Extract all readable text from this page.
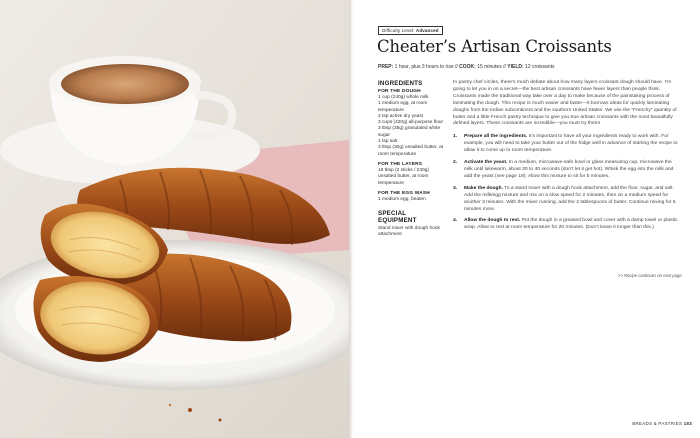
Difficulty Level: Advanced
Cheater’s Artisan Croissants
PREP: 1 hour, plus 3 hours to rise // COOK: 15 minutes // YIELD: 12 croissants
INGREDIENTS
FOR THE DOUGH

1 cup (240g) whole milk

1 medium egg, at room temperature

2 tsp active dry yeast

3 cups (420g) all-purpose flour

3 tbsp (35g) granulated white sugar

1 tsp salt

3 tbsp (30g) unsalted butter, at room temperature

FOR THE LAYERS

16 tbsp (2 sticks / 230g) unsalted butter, at room temperature

FOR THE EGG WASH

1 medium egg, beaten

SPECIAL EQUIPMENT

Stand mixer with dough hook attachment

In pastry chef circles, there’s much debate about how many layers croissant dough should have. I’m going to let you in on a secret—the best artisan croissants have fewer layers than people think. Croissants made the traditional way take over a day to make because of the painstaking process of laminating the dough. This recipe is much easier and faster—it borrows ideas for quickly laminating doughs from the Indian subcontinent and the southern United States. We use the “Frenchy” quantity of butter and a little French pastry technique to give you true artisan croissants with the most beautifully defined layers. These croissants are incredible—you must try them!

1. Prepare all the ingredients. It’s important to have all your ingredients ready to work with. For example, you will need to take your butter out of the fridge well in advance of starting the recipe to allow it to come up to room temperature.
2. Activate the yeast. In a medium, microwave-safe bowl or glass measuring cup, microwave the milk until lukewarm, about 30 to 40 seconds (don’t let it get hot). Whisk the egg into the milk and add the yeast (see page 18). Allow this mixture to sit for 5 minutes.
3. Make the dough. To a stand mixer with a dough hook attachment, add the flour, sugar, and salt. Add the milk/egg mixture and mix on a slow speed for 2 minutes, then on a medium speed for another 3 minutes. With the mixer running, add the 2 tablespoons of butter. Continue mixing for 5 minutes more.
4. Allow the dough to rest. Put the dough in a greased bowl and cover with a damp towel or plastic wrap. Allow to rest at room temperature for 20 minutes. (Don’t leave it longer than this.)
>> Recipe continues on next page.
BREADS & PASTRIES 183
